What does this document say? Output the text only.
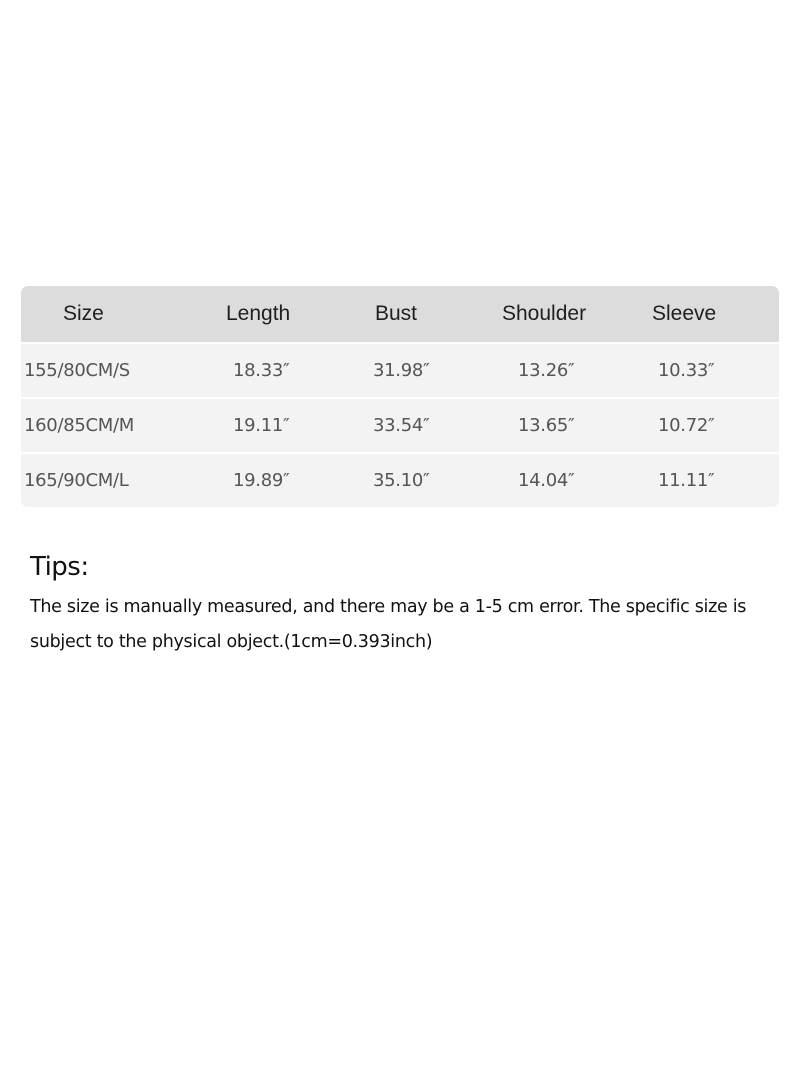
Size	Length	Bust	Shoulder	Sleeve
155/80CM/S	18.33″	31.98″	13.26″	10.33″
160/85CM/M	19.11″	33.54″	13.65″	10.72″
165/90CM/L	19.89″	35.10″	14.04″	11.11″
Tips:
The size is manually measured, and there may be a 1-5 cm error. The specific size is subject to the physical object.(1cm=0.393inch)
